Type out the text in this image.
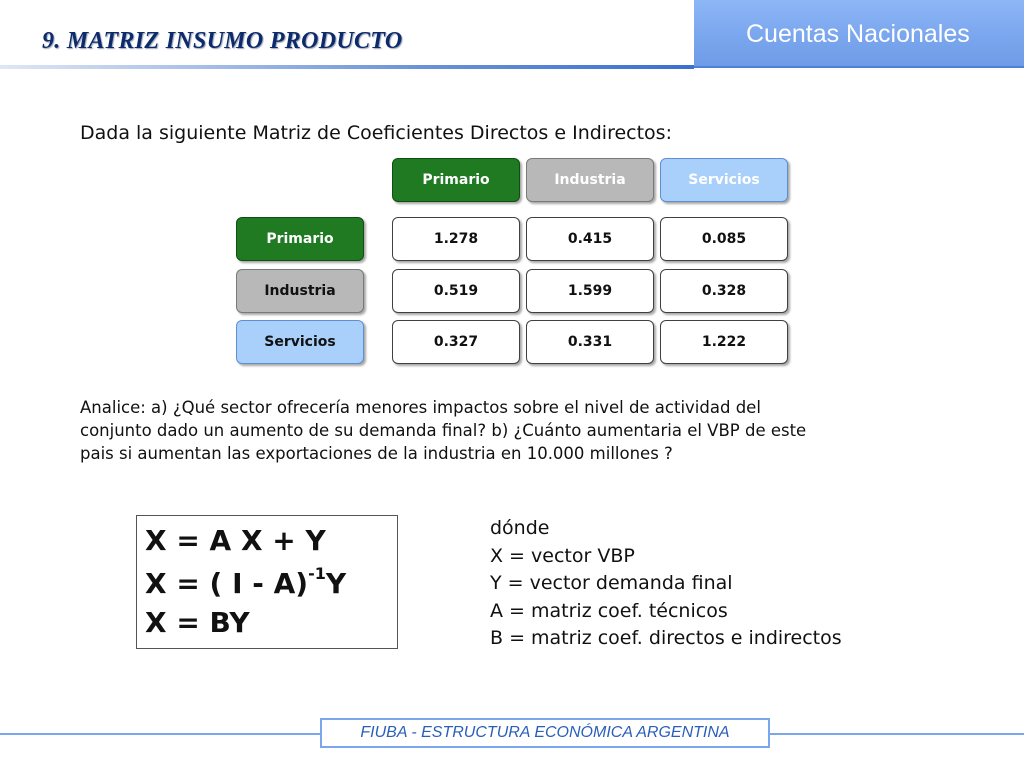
9. MATRIZ INSUMO PRODUCTO	Cuentas Nacionales
Dada la siguiente Matriz de Coeficientes Directos e Indirectos:
Primario	Industria	Servicios
Primario	1.278	0.415	0.085
Industria	0.519	1.599	0.328
Servicios	0.327	0.331	1.222
Analice: a) ¿Qué sector ofrecería menores impactos sobre el nivel de actividad del
conjunto dado un aumento de su demanda final? b) ¿Cuánto aumentaria el VBP de este
pais si aumentan las exportaciones de la industria en 10.000 millones ?
X = A X + Y
X = ( I - A)$^{-1}$Y
X = BY
dónde
X = vector VBP
Y = vector demanda final
A = matriz coef. técnicos
B = matriz coef. directos e indirectos
FIUBA - ESTRUCTURA ECONÓMICA ARGENTINA
